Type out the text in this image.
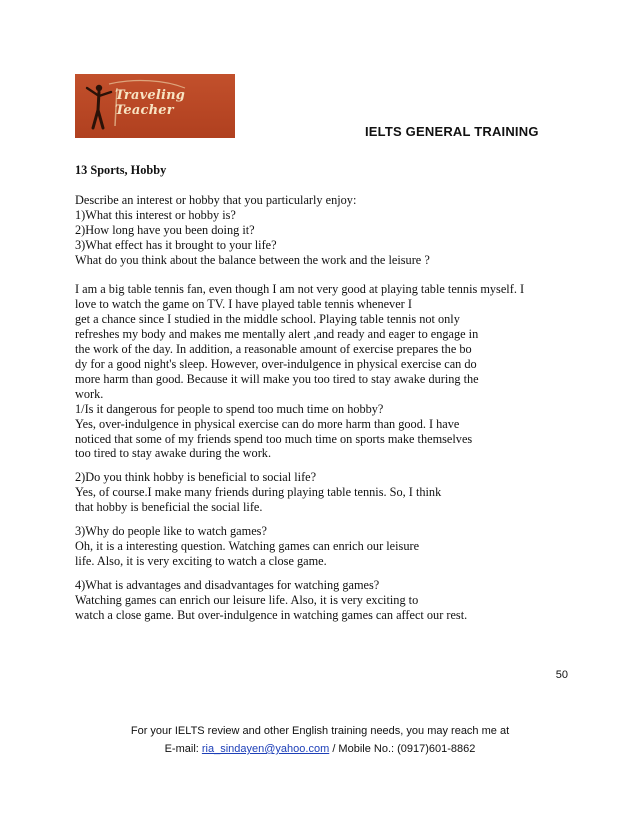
Traveling
Teacher
IELTS GENERAL TRAINING
13 Sports, Hobby
Describe an interest or hobby that you particularly enjoy:
1)What this interest or hobby is?
2)How long have you been doing it?
3)What effect has it brought to your life?
What do you think about the balance between the work and the leisure ?
I am a big table tennis fan, even though I am not very good at playing table tennis myself. I
love to watch the game on TV. I have played table tennis whenever I
get a chance since I studied in the middle school. Playing table tennis not only
refreshes my body and makes me mentally alert ,and ready and eager to engage in
the work of the day. In addition, a reasonable amount of exercise prepares the bo
dy for a good night's sleep. However, over-indulgence in physical exercise can do
more harm than good. Because it will make you too tired to stay awake during the
work.
1/Is it dangerous for people to spend too much time on hobby?
Yes, over-indulgence in physical exercise can do more harm than good. I have
noticed that some of my friends spend too much time on sports make themselves
too tired to stay awake during the work.
2)Do you think hobby is beneficial to social life?
Yes, of course.I make many friends during playing table tennis. So, I think
that hobby is beneficial the social life.
3)Why do people like to watch games?
Oh, it is a interesting question. Watching games can enrich our leisure
life. Also, it is very exciting to watch a close game.
4)What is advantages and disadvantages for watching games?
Watching games can enrich our leisure life. Also, it is very exciting to
watch a close game. But over-indulgence in watching games can affect our rest.
50
For your IELTS review and other English training needs, you may reach me at
E-mail: ria_sindayen@yahoo.com / Mobile No.: (0917)601-8862
